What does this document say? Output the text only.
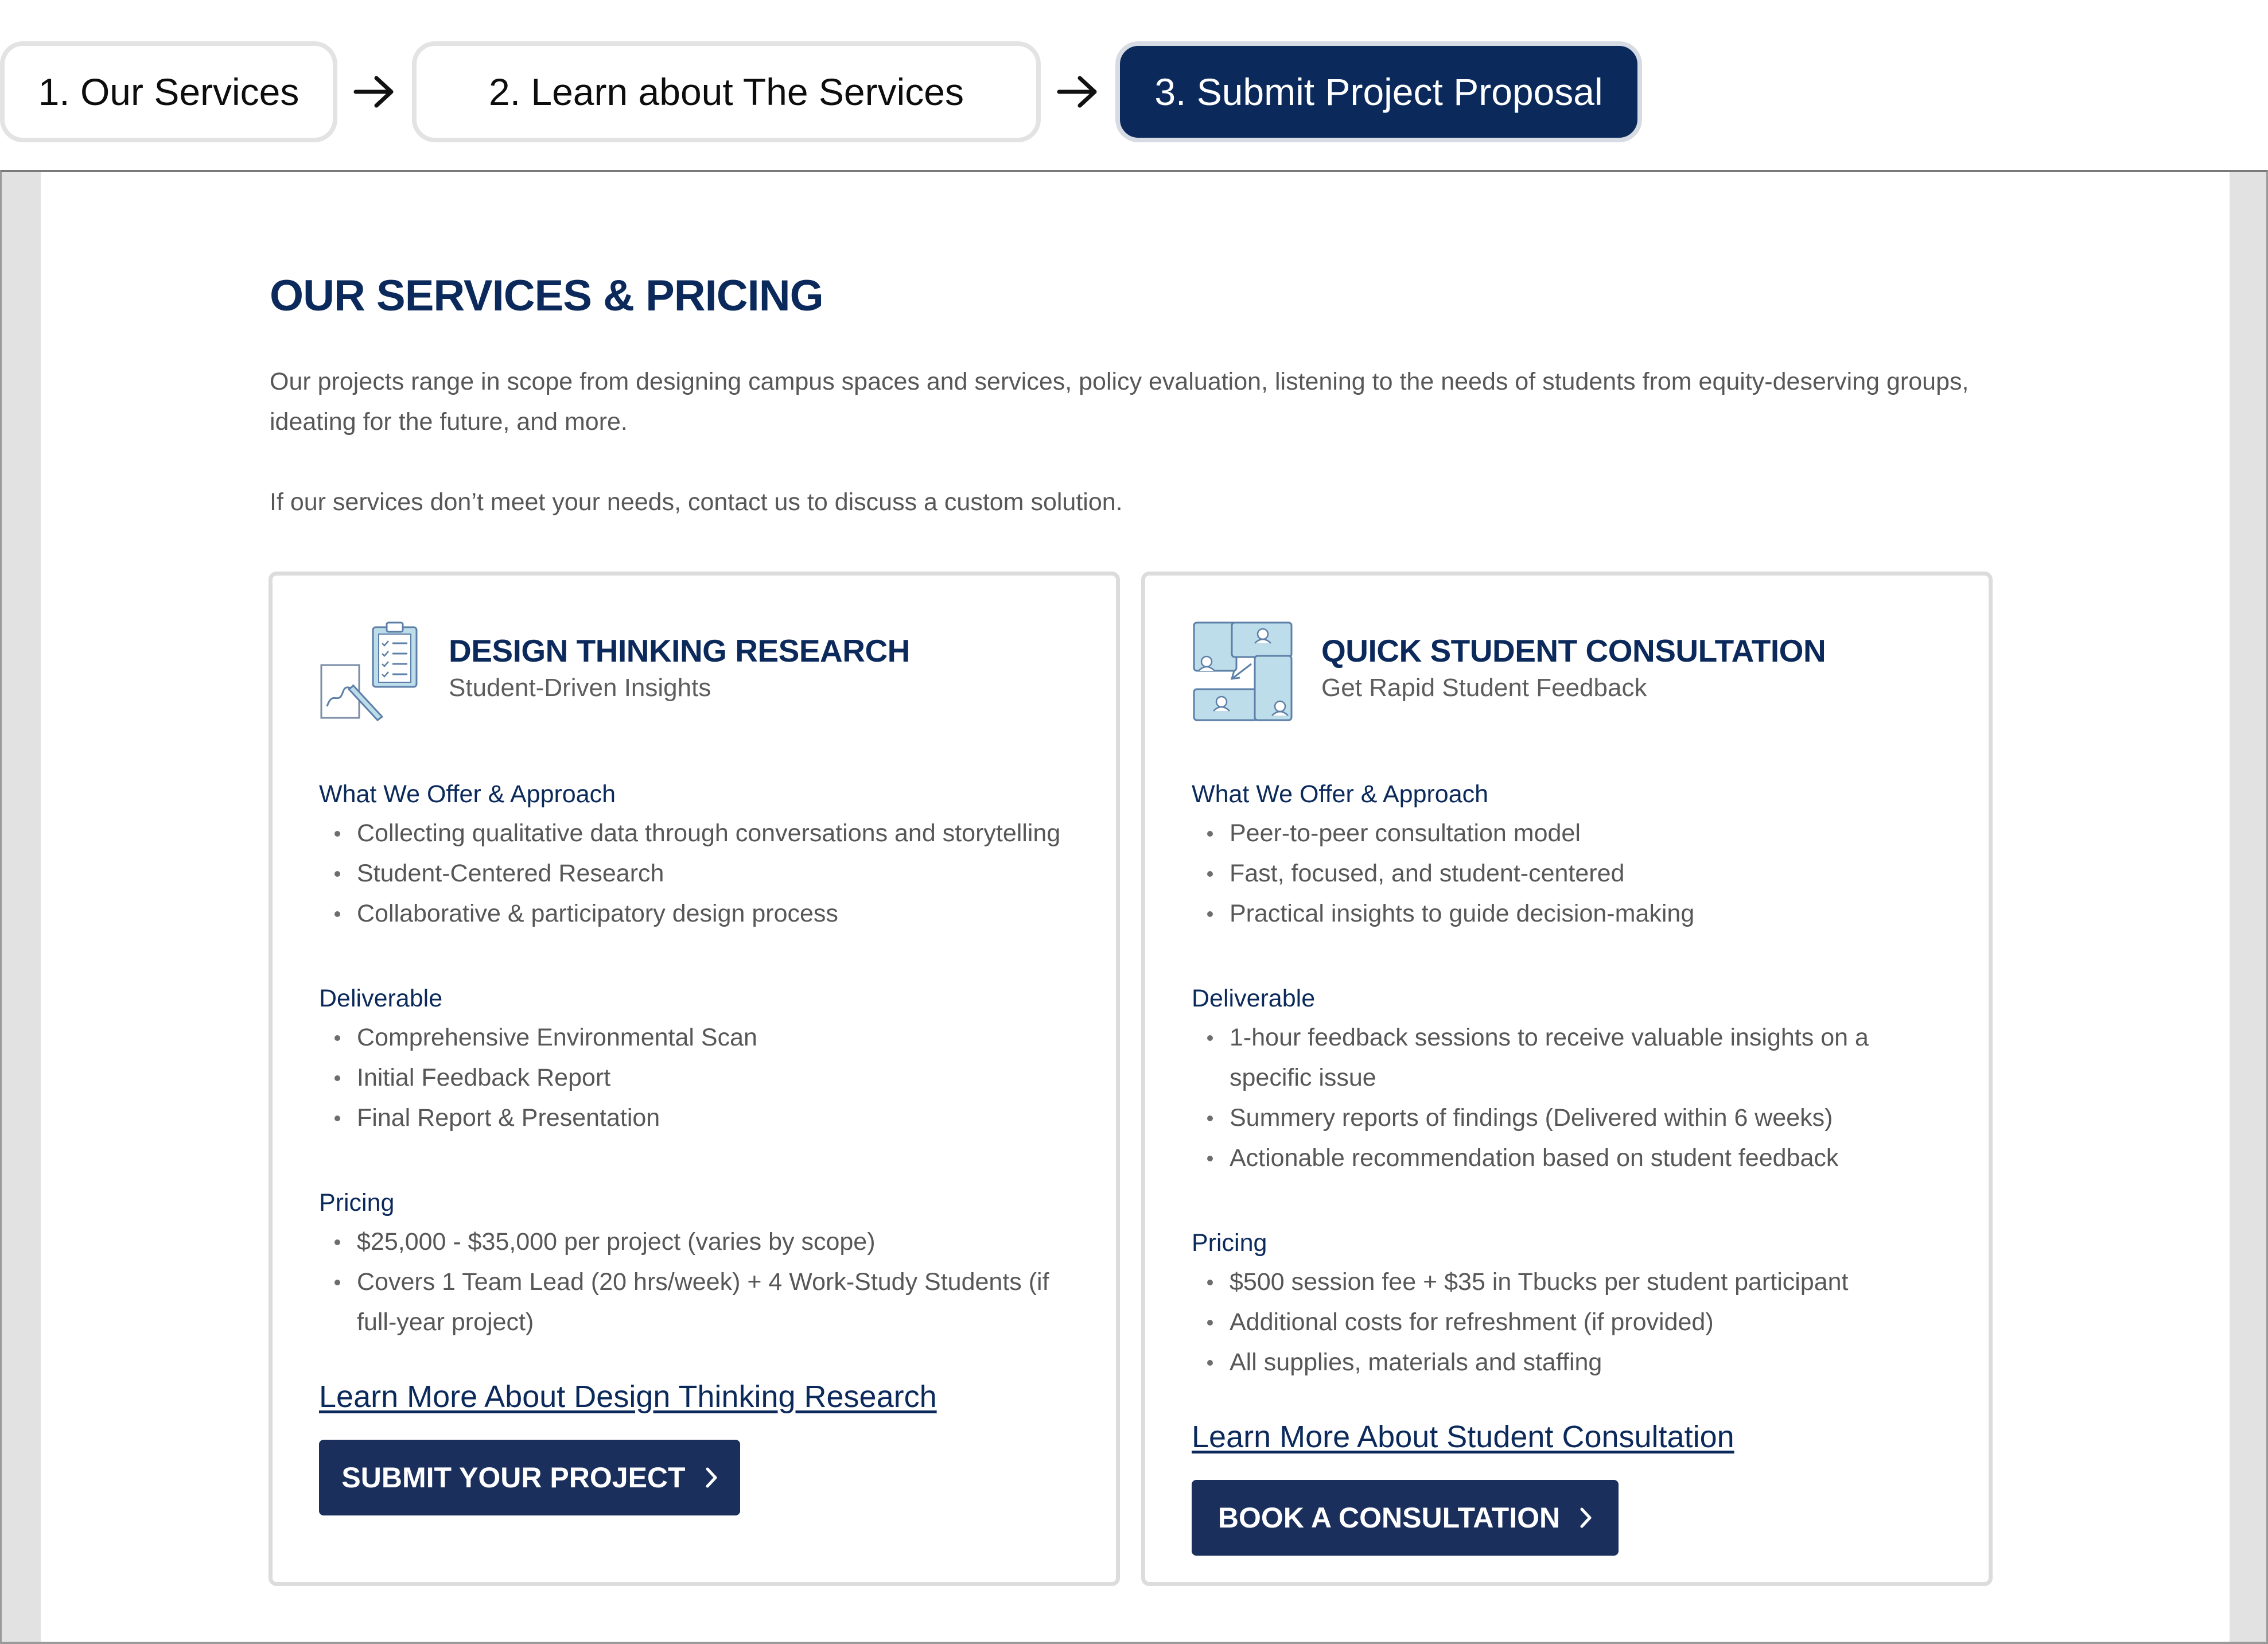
1. Our Services	2. Learn about The Services	3. Submit Project Proposal
OUR SERVICES & PRICING

Our projects range in scope from designing campus spaces and services, policy evaluation, listening to the needs of students from equity-deserving groups, ideating for the future, and more.

If our services don’t meet your needs, contact us to discuss a custom solution.

DESIGN THINKING RESEARCH
Student-Driven Insights
What We Offer & Approach
Collecting qualitative data through conversations and storytelling
Student-Centered Research
Collaborative & participatory design process
Deliverable
Comprehensive Environmental Scan
Initial Feedback Report
Final Report & Presentation
Pricing
$25,000 - $35,000 per project (varies by scope)
Covers 1 Team Lead (20 hrs/week) + 4 Work-Study Students (if full-year project)
Learn More About Design Thinking Research
SUBMIT YOUR PROJECT
QUICK STUDENT CONSULTATION
Get Rapid Student Feedback
What We Offer & Approach
Peer-to-peer consultation model
Fast, focused, and student-centered
Practical insights to guide decision-making
Deliverable
1-hour feedback sessions to receive valuable insights on a specific issue
Summery reports of findings (Delivered within 6 weeks)
Actionable recommendation based on student feedback
Pricing
$500 session fee + $35 in Tbucks per student participant
Additional costs for refreshment (if provided)
All supplies, materials and staffing
Learn More About Student Consultation
BOOK A CONSULTATION
